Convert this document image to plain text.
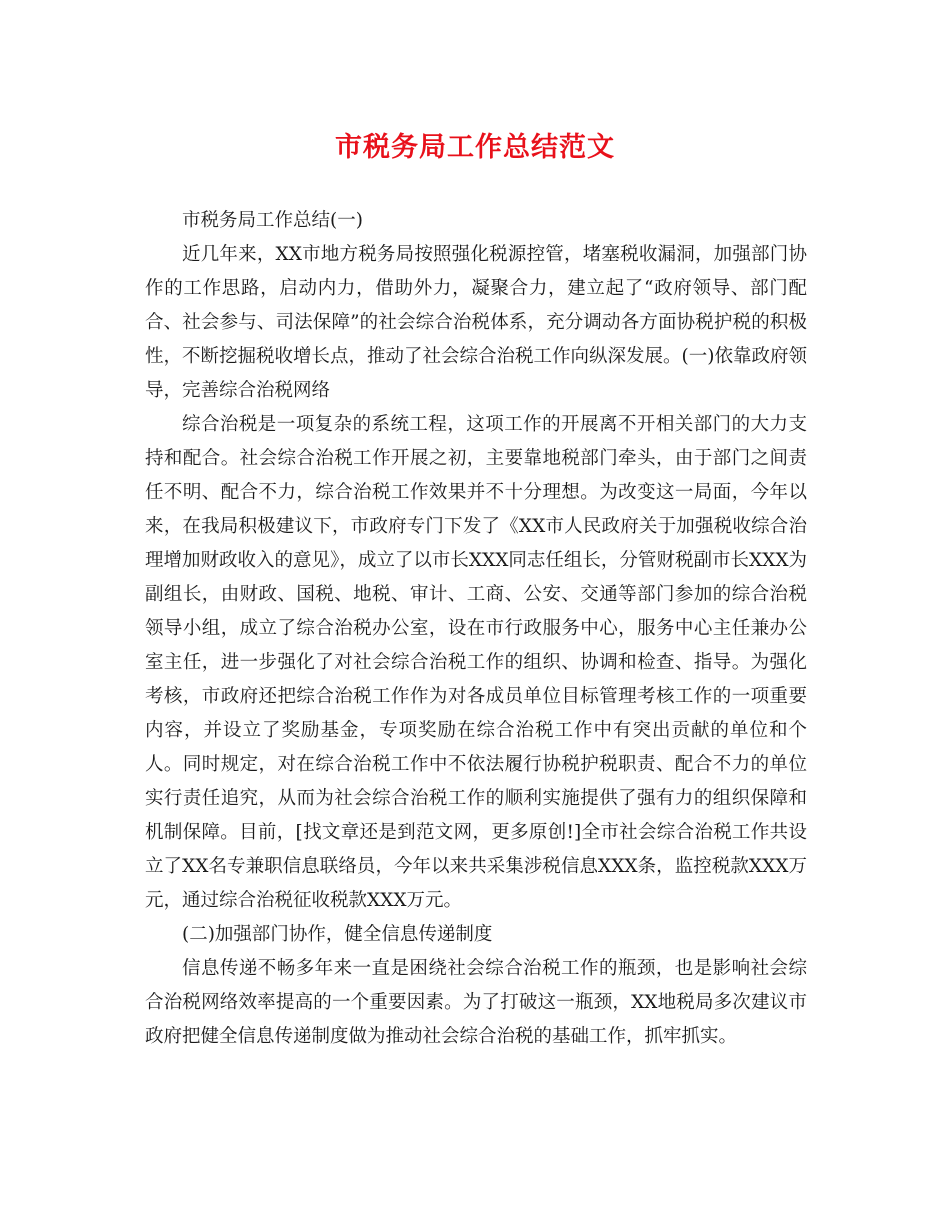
市税务局工作总结范文

市税务局工作总结(一)

近几年来，XX市地方税务局按照强化税源控管，堵塞税收漏洞，加强部门协作的工作思路，启动内力，借助外力，凝聚合力，建立起了“政府领导、部门配合、社会参与、司法保障”的社会综合治税体系，充分调动各方面协税护税的积极性，不断挖掘税收增长点，推动了社会综合治税工作向纵深发展。(一)依靠政府领导，完善综合治税网络

综合治税是一项复杂的系统工程，这项工作的开展离不开相关部门的大力支持和配合。社会综合治税工作开展之初，主要靠地税部门牵头，由于部门之间责任不明、配合不力，综合治税工作效果并不十分理想。为改变这一局面，今年以来，在我局积极建议下，市政府专门下发了《XX市人民政府关于加强税收综合治理增加财政收入的意见》，成立了以市长XXX同志任组长，分管财税副市长XXX为副组长，由财政、国税、地税、审计、工商、公安、交通等部门参加的综合治税领导小组，成立了综合治税办公室，设在市行政服务中心，服务中心主任兼办公室主任，进一步强化了对社会综合治税工作的组织、协调和检查、指导。为强化考核，市政府还把综合治税工作作为对各成员单位目标管理考核工作的一项重要内容，并设立了奖励基金，专项奖励在综合治税工作中有突出贡献的单位和个人。同时规定，对在综合治税工作中不依法履行协税护税职责、配合不力的单位实行责任追究，从而为社会综合治税工作的顺利实施提供了强有力的组织保障和机制保障。目前，[找文章还是到范文网，更多原创!]全市社会综合治税工作共设立了XX名专兼职信息联络员，今年以来共采集涉税信息XXX条，监控税款XXX万元，通过综合治税征收税款XXX万元。

(二)加强部门协作，健全信息传递制度

信息传递不畅多年来一直是困绕社会综合治税工作的瓶颈，也是影响社会综合治税网络效率提高的一个重要因素。为了打破这一瓶颈，XX地税局多次建议市政府把健全信息传递制度做为推动社会综合治税的基础工作，抓牢抓实。
